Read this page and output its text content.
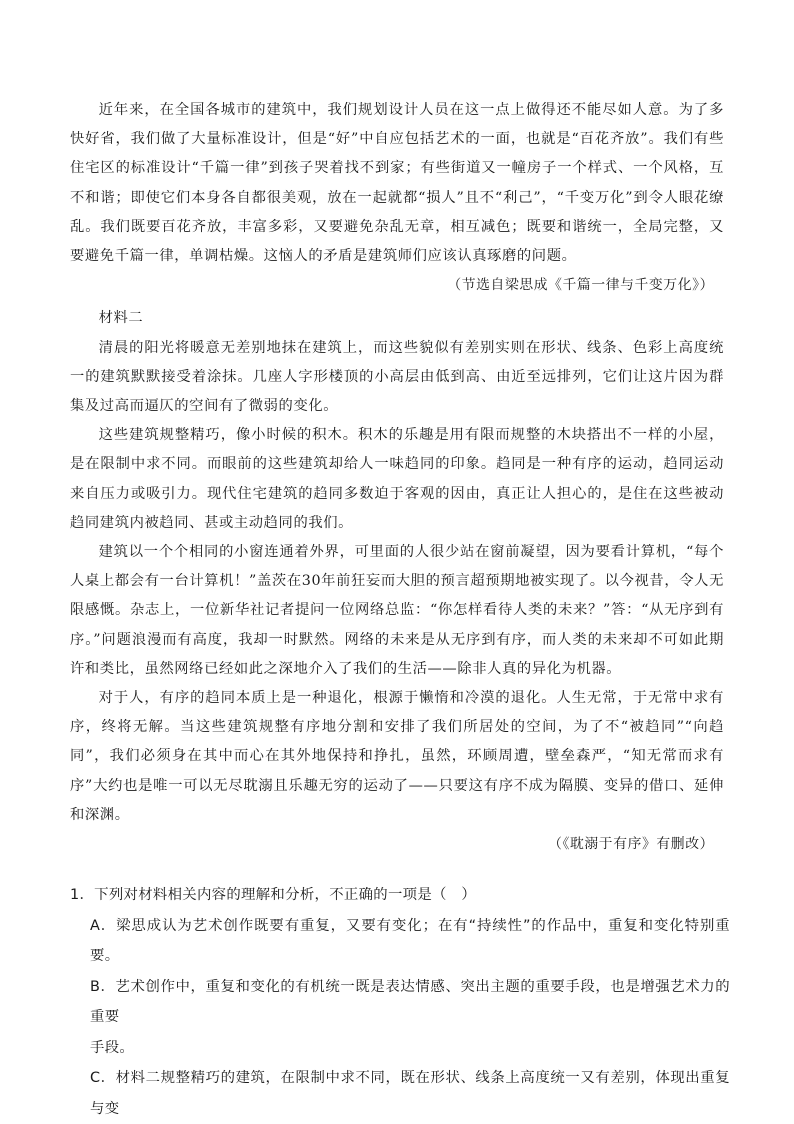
近年来，在全国各城市的建筑中，我们规划设计人员在这一点上做得还不能尽如人意。为了多快好省，我们做了大量标准设计，但是“好”中自应包括艺术的一面，也就是“百花齐放”。我们有些住宅区的标准设计“千篇一律”到孩子哭着找不到家；有些街道又一幢房子一个样式、一个风格，互不和谐；即使它们本身各自都很美观，放在一起就都“损人”且不“利己”，“千变万化”到令人眼花缭乱。我们既要百花齐放，丰富多彩，又要避免杂乱无章，相互减色；既要和谐统一，全局完整，又要避免千篇一律，单调枯燥。这恼人的矛盾是建筑师们应该认真琢磨的问题。

（节选自梁思成《千篇一律与千变万化》）

材料二

清晨的阳光将暖意无差别地抹在建筑上，而这些貌似有差别实则在形状、线条、色彩上高度统一的建筑默默接受着涂抹。几座人字形楼顶的小高层由低到高、由近至远排列，它们让这片因为群集及过高而逼仄的空间有了微弱的变化。

这些建筑规整精巧，像小时候的积木。积木的乐趣是用有限而规整的木块搭出不一样的小屋，是在限制中求不同。而眼前的这些建筑却给人一味趋同的印象。趋同是一种有序的运动，趋同运动来自压力或吸引力。现代住宅建筑的趋同多数迫于客观的因由，真正让人担心的，是住在这些被动趋同建筑内被趋同、甚或主动趋同的我们。

建筑以一个个相同的小窗连通着外界，可里面的人很少站在窗前凝望，因为要看计算机，“每个人桌上都会有一台计算机！”盖茨在30年前狂妄而大胆的预言超预期地被实现了。以今视昔，令人无限感慨。杂志上，一位新华社记者提问一位网络总监：“你怎样看待人类的未来？”答：“从无序到有序。”问题浪漫而有高度，我却一时默然。网络的未来是从无序到有序，而人类的未来却不可如此期许和类比，虽然网络已经如此之深地介入了我们的生活——除非人真的异化为机器。

对于人，有序的趋同本质上是一种退化，根源于懒惰和冷漠的退化。人生无常，于无常中求有序，终将无解。当这些建筑规整有序地分割和安排了我们所居处的空间，为了不“被趋同”“向趋同”，我们必须身在其中而心在其外地保持和挣扎，虽然，环顾周遭，壁垒森严，“知无常而求有序”大约也是唯一可以无尽耽溺且乐趣无穷的运动了——只要这有序不成为隔膜、变异的借口、延伸和深渊。

（《耽溺于有序》有删改）

1．下列对材料相关内容的理解和分析，不正确的一项是（　）

A．梁思成认为艺术创作既要有重复，又要有变化；在有“持续性”的作品中，重复和变化特别重要。

B．艺术创作中，重复和变化的有机统一既是表达情感、突出主题的重要手段，也是增强艺术力的重要

手段。

C．材料二规整精巧的建筑，在限制中求不同，既在形状、线条上高度统一又有差别，体现出重复与变
